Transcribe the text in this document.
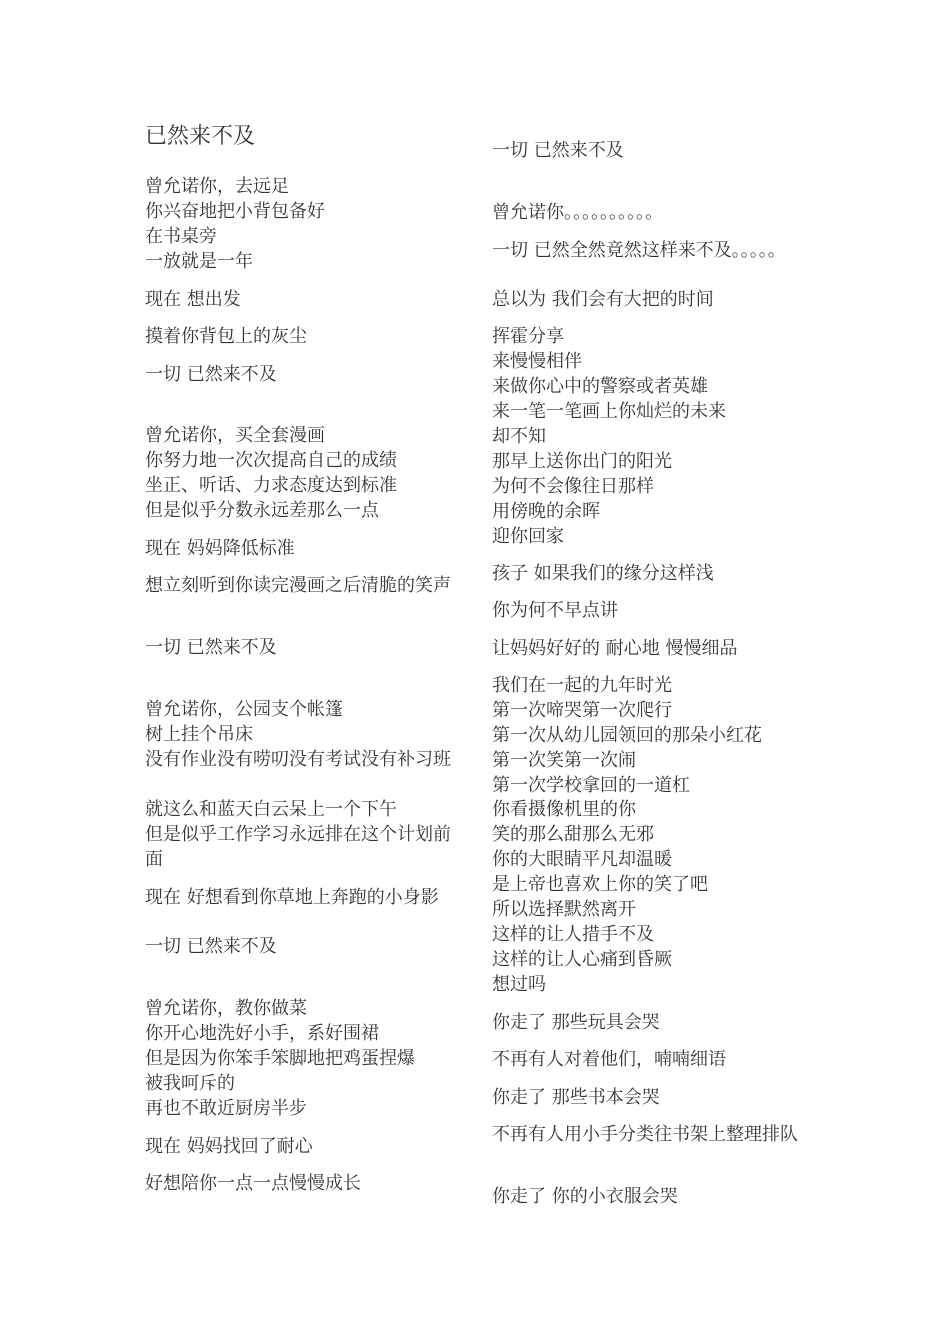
已然来不及
曾允诺你，去远足
你兴奋地把小背包备好
在书桌旁
一放就是一年
现在 想出发
摸着你背包上的灰尘
一切 已然来不及
曾允诺你，买全套漫画
你努力地一次次提高自己的成绩
坐正、听话、力求态度达到标准
但是似乎分数永远差那么一点
现在 妈妈降低标准
想立刻听到你读完漫画之后清脆的笑声
一切 已然来不及
曾允诺你，公园支个帐篷
树上挂个吊床
没有作业没有唠叨没有考试没有补习班
就这么和蓝天白云呆上一个下午
但是似乎工作学习永远排在这个计划前面
现在 好想看到你草地上奔跑的小身影
一切 已然来不及
曾允诺你，教你做菜
你开心地洗好小手，系好围裙
但是因为你笨手笨脚地把鸡蛋捏爆
被我呵斥的
再也不敢近厨房半步
现在 妈妈找回了耐心
好想陪你一点一点慢慢成长
一切 已然来不及
曾允诺你。。。。。。。。。。
一切 已然全然竟然这样来不及。。。。。
总以为 我们会有大把的时间
挥霍分享
来慢慢相伴
来做你心中的警察或者英雄
来一笔一笔画上你灿烂的未来
却不知
那早上送你出门的阳光
为何不会像往日那样
用傍晚的余晖
迎你回家
孩子 如果我们的缘分这样浅
你为何不早点讲
让妈妈好好的 耐心地 慢慢细品
我们在一起的九年时光
第一次啼哭第一次爬行
第一次从幼儿园领回的那朵小红花
第一次笑第一次闹
第一次学校拿回的一道杠
你看摄像机里的你
笑的那么甜那么无邪
你的大眼睛平凡却温暖
是上帝也喜欢上你的笑了吧
所以选择默然离开
这样的让人措手不及
这样的让人心痛到昏厥
想过吗
你走了 那些玩具会哭
不再有人对着他们，喃喃细语
你走了 那些书本会哭
不再有人用小手分类往书架上整理排队
你走了 你的小衣服会哭
